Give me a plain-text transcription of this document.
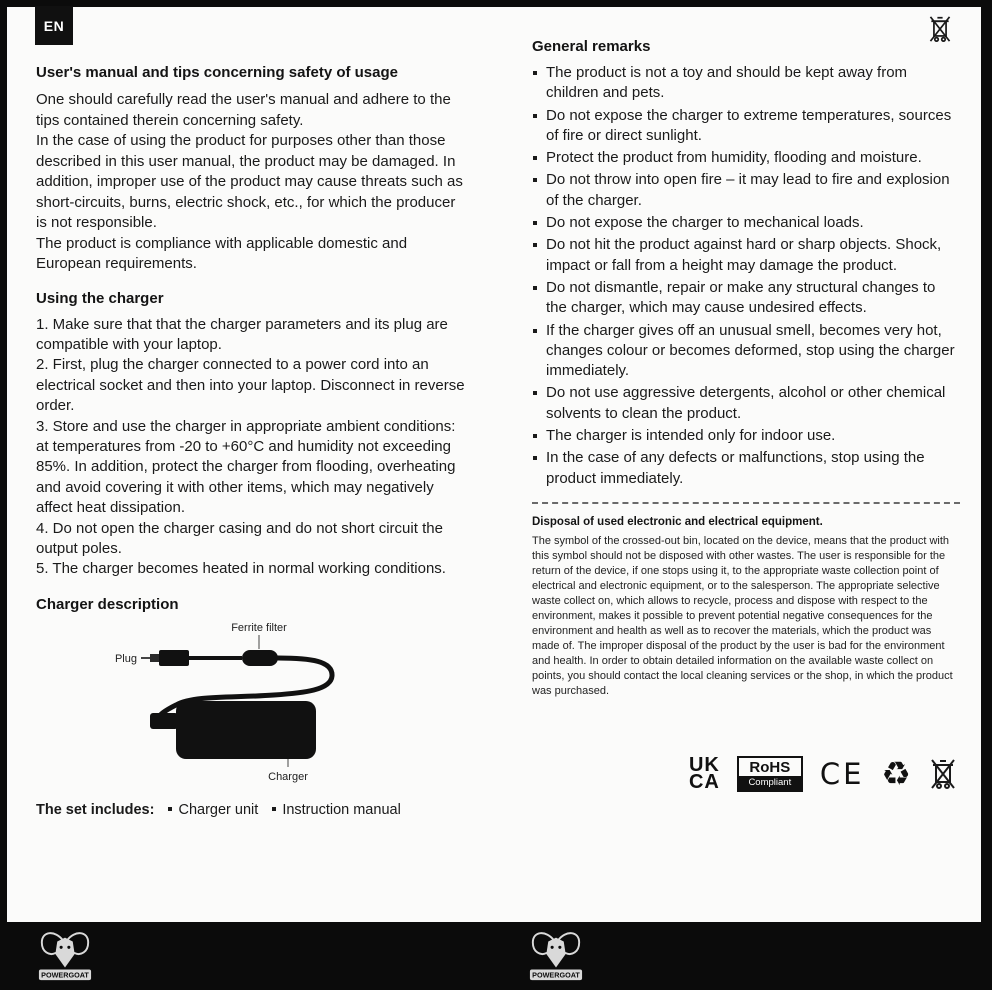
EN
User's manual and tips concerning safety of usage
One should carefully read the user's manual and adhere to the tips contained therein concerning safety.
In the case of using the product for purposes other than those described in this user manual, the product may be damaged. In addition, improper use of the product may cause threats such as short-circuits, burns, electric shock, etc., for which the producer is not responsible.
The product is compliance with applicable domestic and European requirements.
Using the charger
1. Make sure that that the charger parameters and its plug are compatible with your laptop.
2. First, plug the charger connected to a power cord into an electrical socket and then into your laptop. Disconnect in reverse order.
3. Store and use the charger in appropriate ambient conditions: at temperatures from -20 to +60°C and humidity not exceeding 85%. In addition, protect the charger from flooding, overheating and avoid covering it with other items, which may negatively affect heat dissipation.
4. Do not open the charger casing and do not short circuit the output poles.
5. The charger becomes heated in normal working conditions.
Charger description
Ferrite filter
Plug
Charger
The set includes: Charger unit Instruction manual
General remarks
The product is not a toy and should be kept away from children and pets.
Do not expose the charger to extreme temperatures, sources of fire or direct sunlight.
Protect the product from humidity, flooding and moisture.
Do not throw into open fire – it may lead to fire and explosion of the charger.
Do not expose the charger to mechanical loads.
Do not hit the product against hard or sharp objects. Shock, impact or fall from a height may damage the product.
Do not dismantle, repair or make any structural changes to the charger, which may cause undesired effects.
If the charger gives off an unusual smell, becomes very hot, changes colour or becomes deformed, stop using the charger immediately.
Do not use aggressive detergents, alcohol or other chemical solvents to clean the product.
The charger is intended only for indoor use.
In the case of any defects or malfunctions, stop using the product immediately.
Disposal of used electronic and electrical equipment.

The symbol of the crossed-out bin, located on the device, means that the product with this symbol should not be disposed with other wastes. The user is responsible for the return of the device, if one stops using it, to the appropriate waste collection point of electrical and electronic equipment, or to the salesperson. The appropriate selective waste collect on, which allows to recycle, process and dispose with respect to the environment, makes it possible to prevent potential negative consequences for the environment and health as well as to recover the materials, which the product was made of. The improper disposal of the product by the user is bad for the environment and health. In order to obtain detailed information on the available waste collect on points, you should contact the local cleaning services or the shop, in which the product was purchased.

UK
CA
RoHS
Compliant CE ♻
POWERGOAT	POWERGOAT
